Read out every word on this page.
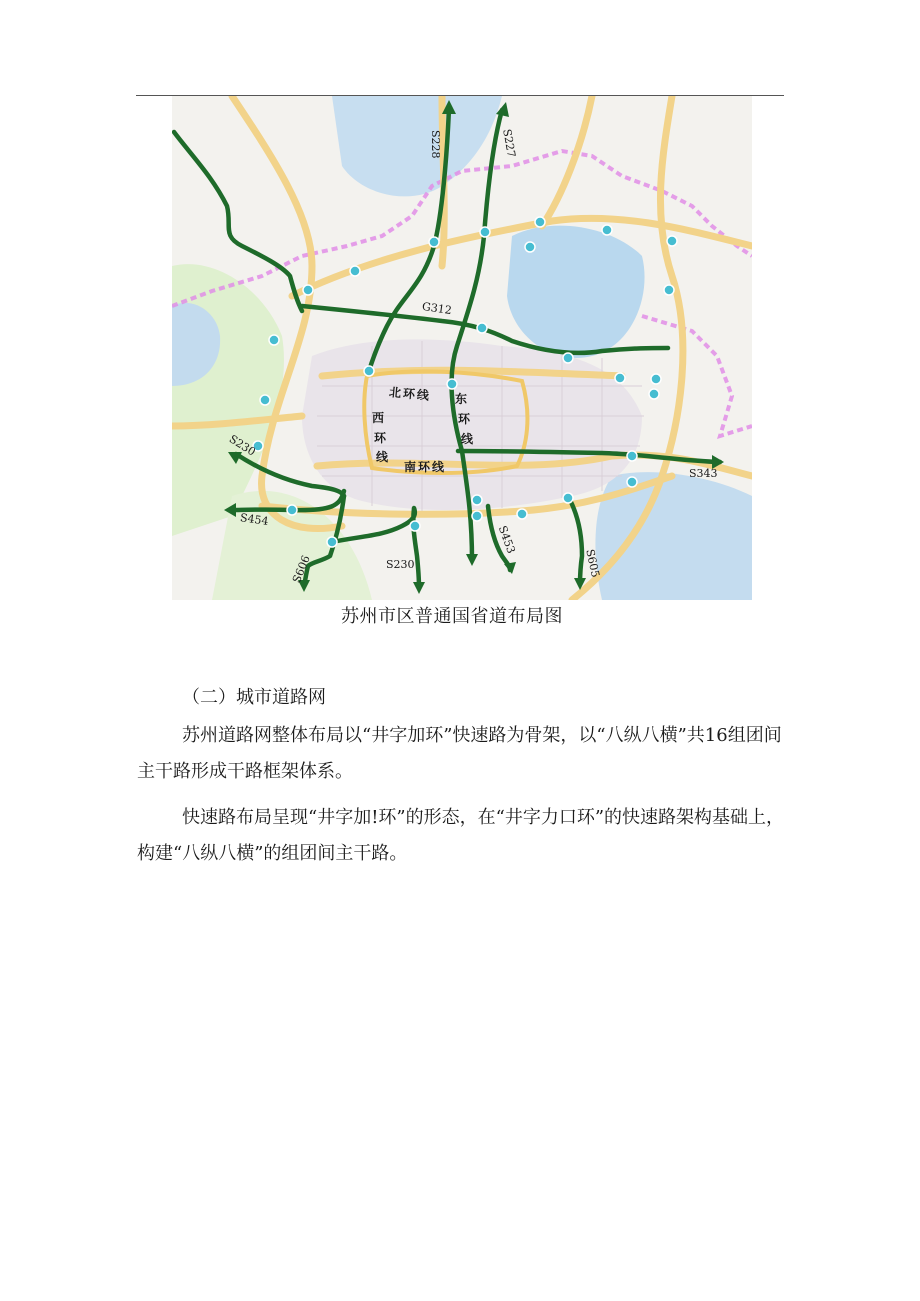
S228	S227
G312
S230
S454
S606	S230
S453
S605
S343
北环线
南环线
东
环
线
西
环
线
苏州市区普通国省道布局图
（二）城市道路网

苏州道路网整体布局以“井字加环”快速路为骨架，以“八纵八横”共16组团间主干路形成干路框架体系。

快速路布局呈现“井字加!环”的形态，在“井字力口环”的快速路架构基础上，构建“八纵八横”的组团间主干路。
